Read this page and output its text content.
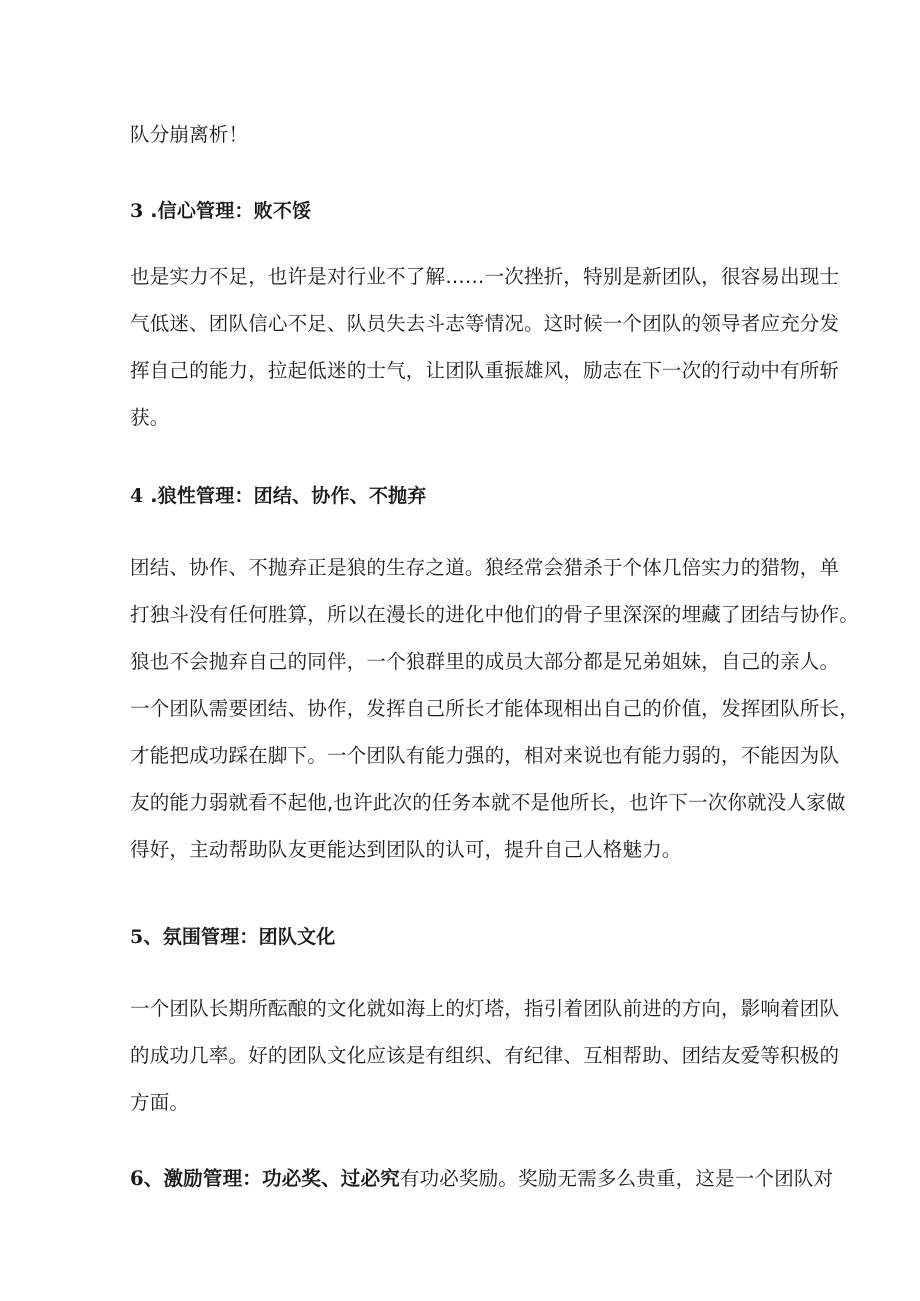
队分崩离析！
3 .信心管理：败不馁
也是实力不足，也许是对行业不了解……一次挫折，特别是新团队，很容易出现士
气低迷、团队信心不足、队员失去斗志等情况。这时候一个团队的领导者应充分发
挥自己的能力，拉起低迷的士气，让团队重振雄风，励志在下一次的行动中有所斩
获。
4 .狼性管理：团结、协作、不抛弃
团结、协作、不抛弃正是狼的生存之道。狼经常会猎杀于个体几倍实力的猎物，单
打独斗没有任何胜算，所以在漫长的进化中他们的骨子里深深的埋藏了团结与协作。
狼也不会抛弃自己的同伴，一个狼群里的成员大部分都是兄弟姐妹，自己的亲人。
一个团队需要团结、协作，发挥自己所长才能体现相出自己的价值，发挥团队所长，
才能把成功踩在脚下。一个团队有能力强的，相对来说也有能力弱的，不能因为队
友的能力弱就看不起他,也许此次的任务本就不是他所长，也许下一次你就没人家做
得好，主动帮助队友更能达到团队的认可，提升自己人格魅力。
5、氛围管理：团队文化
一个团队长期所酝酿的文化就如海上的灯塔，指引着团队前进的方向，影响着团队
的成功几率。好的团队文化应该是有组织、有纪律、互相帮助、团结友爱等积极的
方面。
6、激励管理：功必奖、过必究有功必奖励。奖励无需多么贵重，这是一个团队对
